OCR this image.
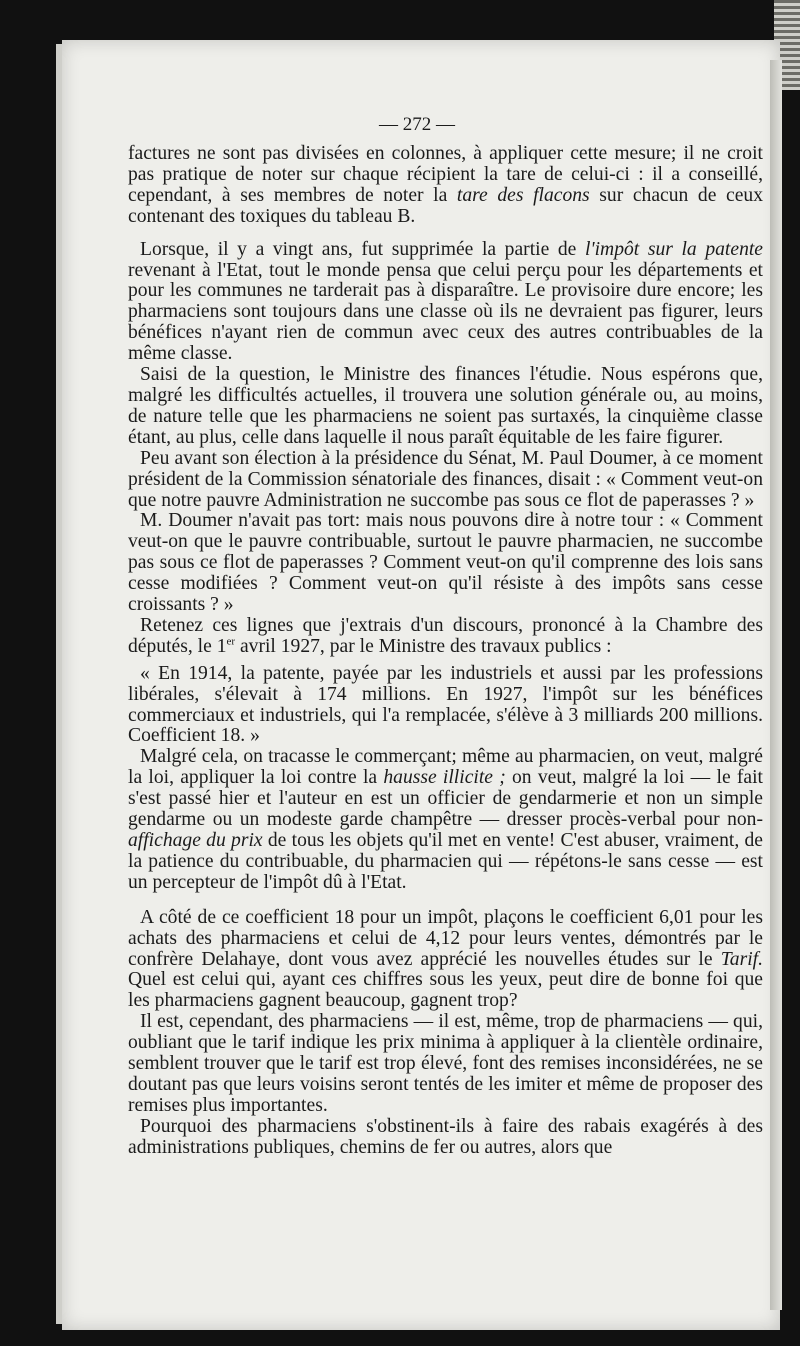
— 272 —

factures ne sont pas divisées en colonnes, à appliquer cette mesure; il ne croit pas pratique de noter sur chaque récipient la tare de celui-ci : il a conseillé, cependant, à ses membres de noter la tare des flacons sur chacun de ceux contenant des toxiques du tableau B.

Lorsque, il y a vingt ans, fut supprimée la partie de l'impôt sur la patente revenant à l'Etat, tout le monde pensa que celui perçu pour les départements et pour les communes ne tarderait pas à disparaître. Le provisoire dure encore; les pharmaciens sont toujours dans une classe où ils ne devraient pas figurer, leurs bénéfices n'ayant rien de commun avec ceux des autres contribuables de la même classe.

Saisi de la question, le Ministre des finances l'étudie. Nous espérons que, malgré les difficultés actuelles, il trouvera une solution générale ou, au moins, de nature telle que les pharmaciens ne soient pas surtaxés, la cinquième classe étant, au plus, celle dans laquelle il nous paraît équitable de les faire figurer.

Peu avant son élection à la présidence du Sénat, M. Paul Doumer, à ce moment président de la Commission sénatoriale des finances, disait : « Comment veut-on que notre pauvre Administration ne succombe pas sous ce flot de paperasses ? »

M. Doumer n'avait pas tort: mais nous pouvons dire à notre tour : « Comment veut-on que le pauvre contribuable, surtout le pauvre pharmacien, ne succombe pas sous ce flot de paperasses ? Comment veut-on qu'il comprenne des lois sans cesse modifiées ? Comment veut-on qu'il résiste à des impôts sans cesse croissants ? »

Retenez ces lignes que j'extrais d'un discours, prononcé à la Chambre des députés, le 1er avril 1927, par le Ministre des travaux publics :

« En 1914, la patente, payée par les industriels et aussi par les professions libérales, s'élevait à 174 millions. En 1927, l'impôt sur les bénéfices commerciaux et industriels, qui l'a remplacée, s'élève à 3 milliards 200 millions. Coefficient 18. »

Malgré cela, on tracasse le commerçant; même au pharmacien, on veut, malgré la loi, appliquer la loi contre la hausse illicite ; on veut, malgré la loi — le fait s'est passé hier et l'auteur en est un officier de gendarmerie et non un simple gendarme ou un modeste garde champêtre — dresser procès-verbal pour non-affichage du prix de tous les objets qu'il met en vente! C'est abuser, vraiment, de la patience du contribuable, du pharmacien qui — répétons-le sans cesse — est un percepteur de l'impôt dû à l'Etat.

A côté de ce coefficient 18 pour un impôt, plaçons le coefficient 6,01 pour les achats des pharmaciens et celui de 4,12 pour leurs ventes, démontrés par le confrère Delahaye, dont vous avez apprécié les nouvelles études sur le Tarif. Quel est celui qui, ayant ces chiffres sous les yeux, peut dire de bonne foi que les pharmaciens gagnent beaucoup, gagnent trop?

Il est, cependant, des pharmaciens — il est, même, trop de pharmaciens — qui, oubliant que le tarif indique les prix minima à appliquer à la clientèle ordinaire, semblent trouver que le tarif est trop élevé, font des remises inconsidérées, ne se doutant pas que leurs voisins seront tentés de les imiter et même de proposer des remises plus importantes.

Pourquoi des pharmaciens s'obstinent-ils à faire des rabais exagérés à des administrations publiques, chemins de fer ou autres, alors que
